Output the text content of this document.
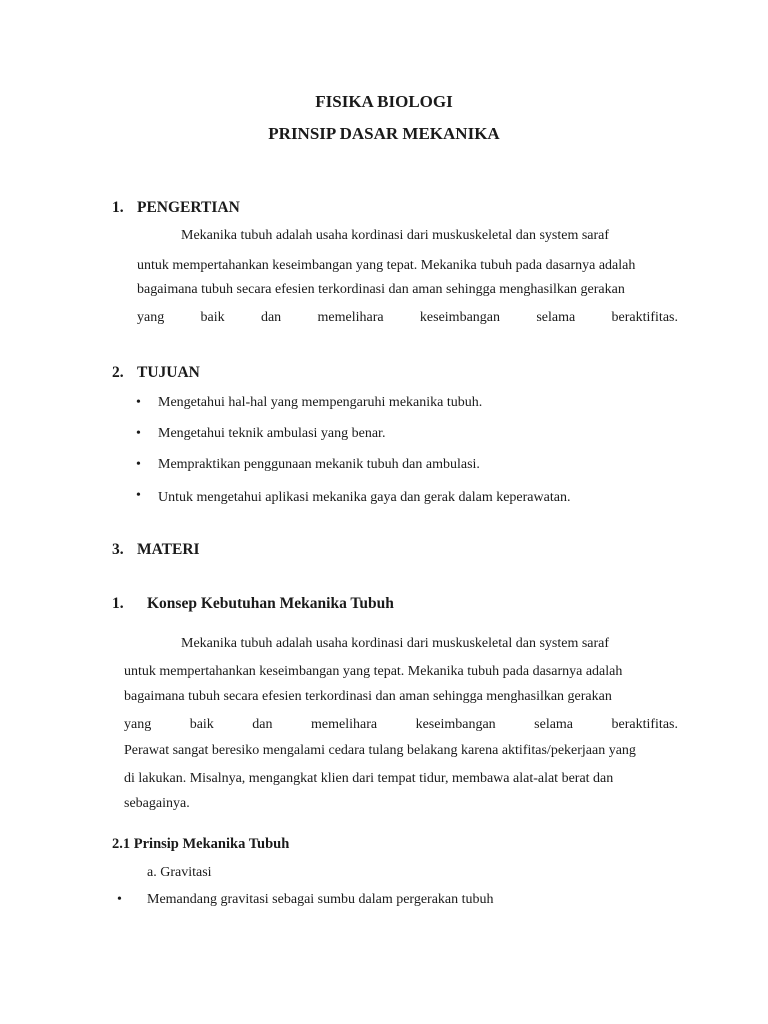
FISIKA BIOLOGI
PRINSIP DASAR MEKANIKA
1. PENGERTIAN
Mekanika tubuh adalah usaha kordinasi dari muskuskeletal dan system saraf
untuk mempertahankan keseimbangan yang tepat. Mekanika tubuh pada dasarnya adalah
bagaimana tubuh secara efesien terkordinasi dan aman sehingga menghasilkan gerakan
yang baik dan memelihara keseimbangan selama beraktifitas.
2. TUJUAN
• Mengetahui hal-hal yang mempengaruhi mekanika tubuh.
• Mengetahui teknik ambulasi yang benar.
• Mempraktikan penggunaan mekanik tubuh dan ambulasi.
• Untuk mengetahui aplikasi mekanika gaya dan gerak dalam keperawatan.
3. MATERI
1. Konsep Kebutuhan Mekanika Tubuh
Mekanika tubuh adalah usaha kordinasi dari muskuskeletal dan system saraf
untuk mempertahankan keseimbangan yang tepat. Mekanika tubuh pada dasarnya adalah
bagaimana tubuh secara efesien terkordinasi dan aman sehingga menghasilkan gerakan
yang baik dan memelihara keseimbangan selama beraktifitas.
Perawat sangat beresiko mengalami cedara tulang belakang karena aktifitas/pekerjaan yang
di lakukan. Misalnya, mengangkat klien dari tempat tidur, membawa alat-alat berat dan
sebagainya.
2.1 Prinsip Mekanika Tubuh
a. Gravitasi
• Memandang gravitasi sebagai sumbu dalam pergerakan tubuh
